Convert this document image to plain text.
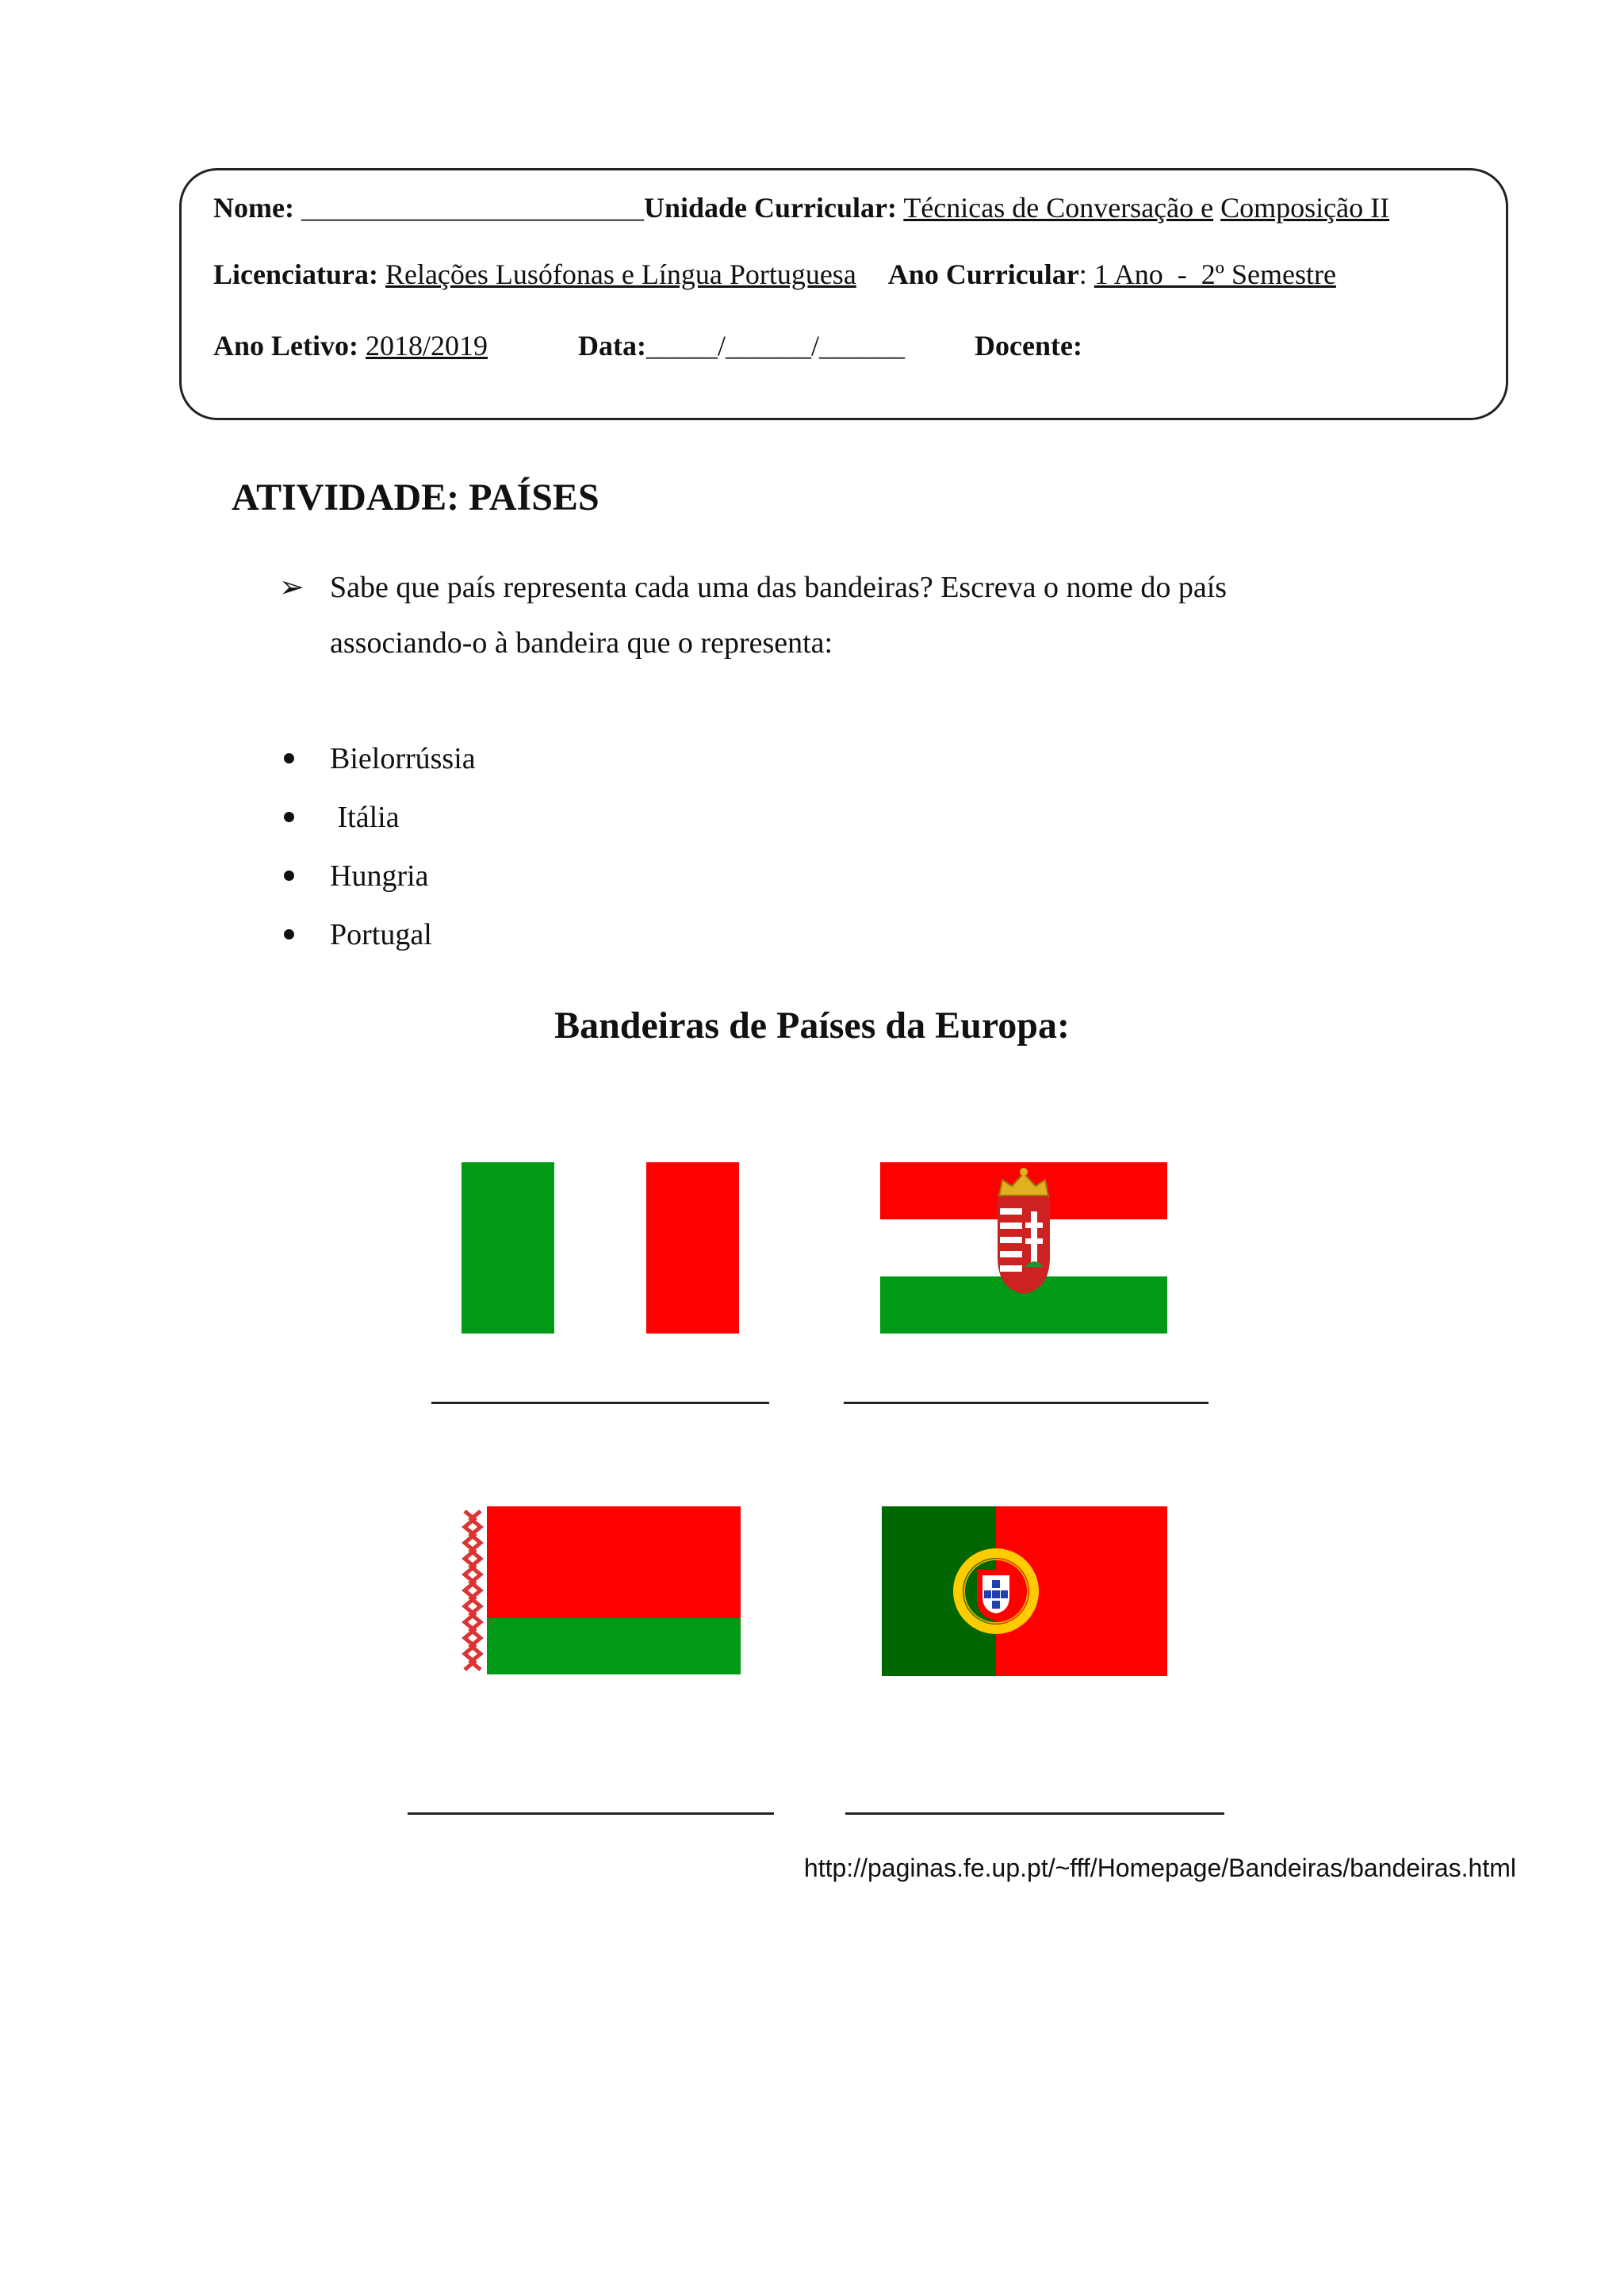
Nome: ________________________Unidade Curricular: Técnicas de Conversação e Composição II
Licenciatura: Relações Lusófonas e Língua Portuguesa Ano Curricular: 1 Ano  -  2º Semestre
Ano Letivo: 2018/2019	Data:_____/______/______ Docente:
ATIVIDADE: PAÍSES
➢ Sabe que país representa cada uma das bandeiras? Escreva o nome do país associando-o à bandeira que o representa:
Bielorrússia
Itália
Hungria
Portugal
Bandeiras de Países da Europa:
http://paginas.fe.up.pt/~fff/Homepage/Bandeiras/bandeiras.html
